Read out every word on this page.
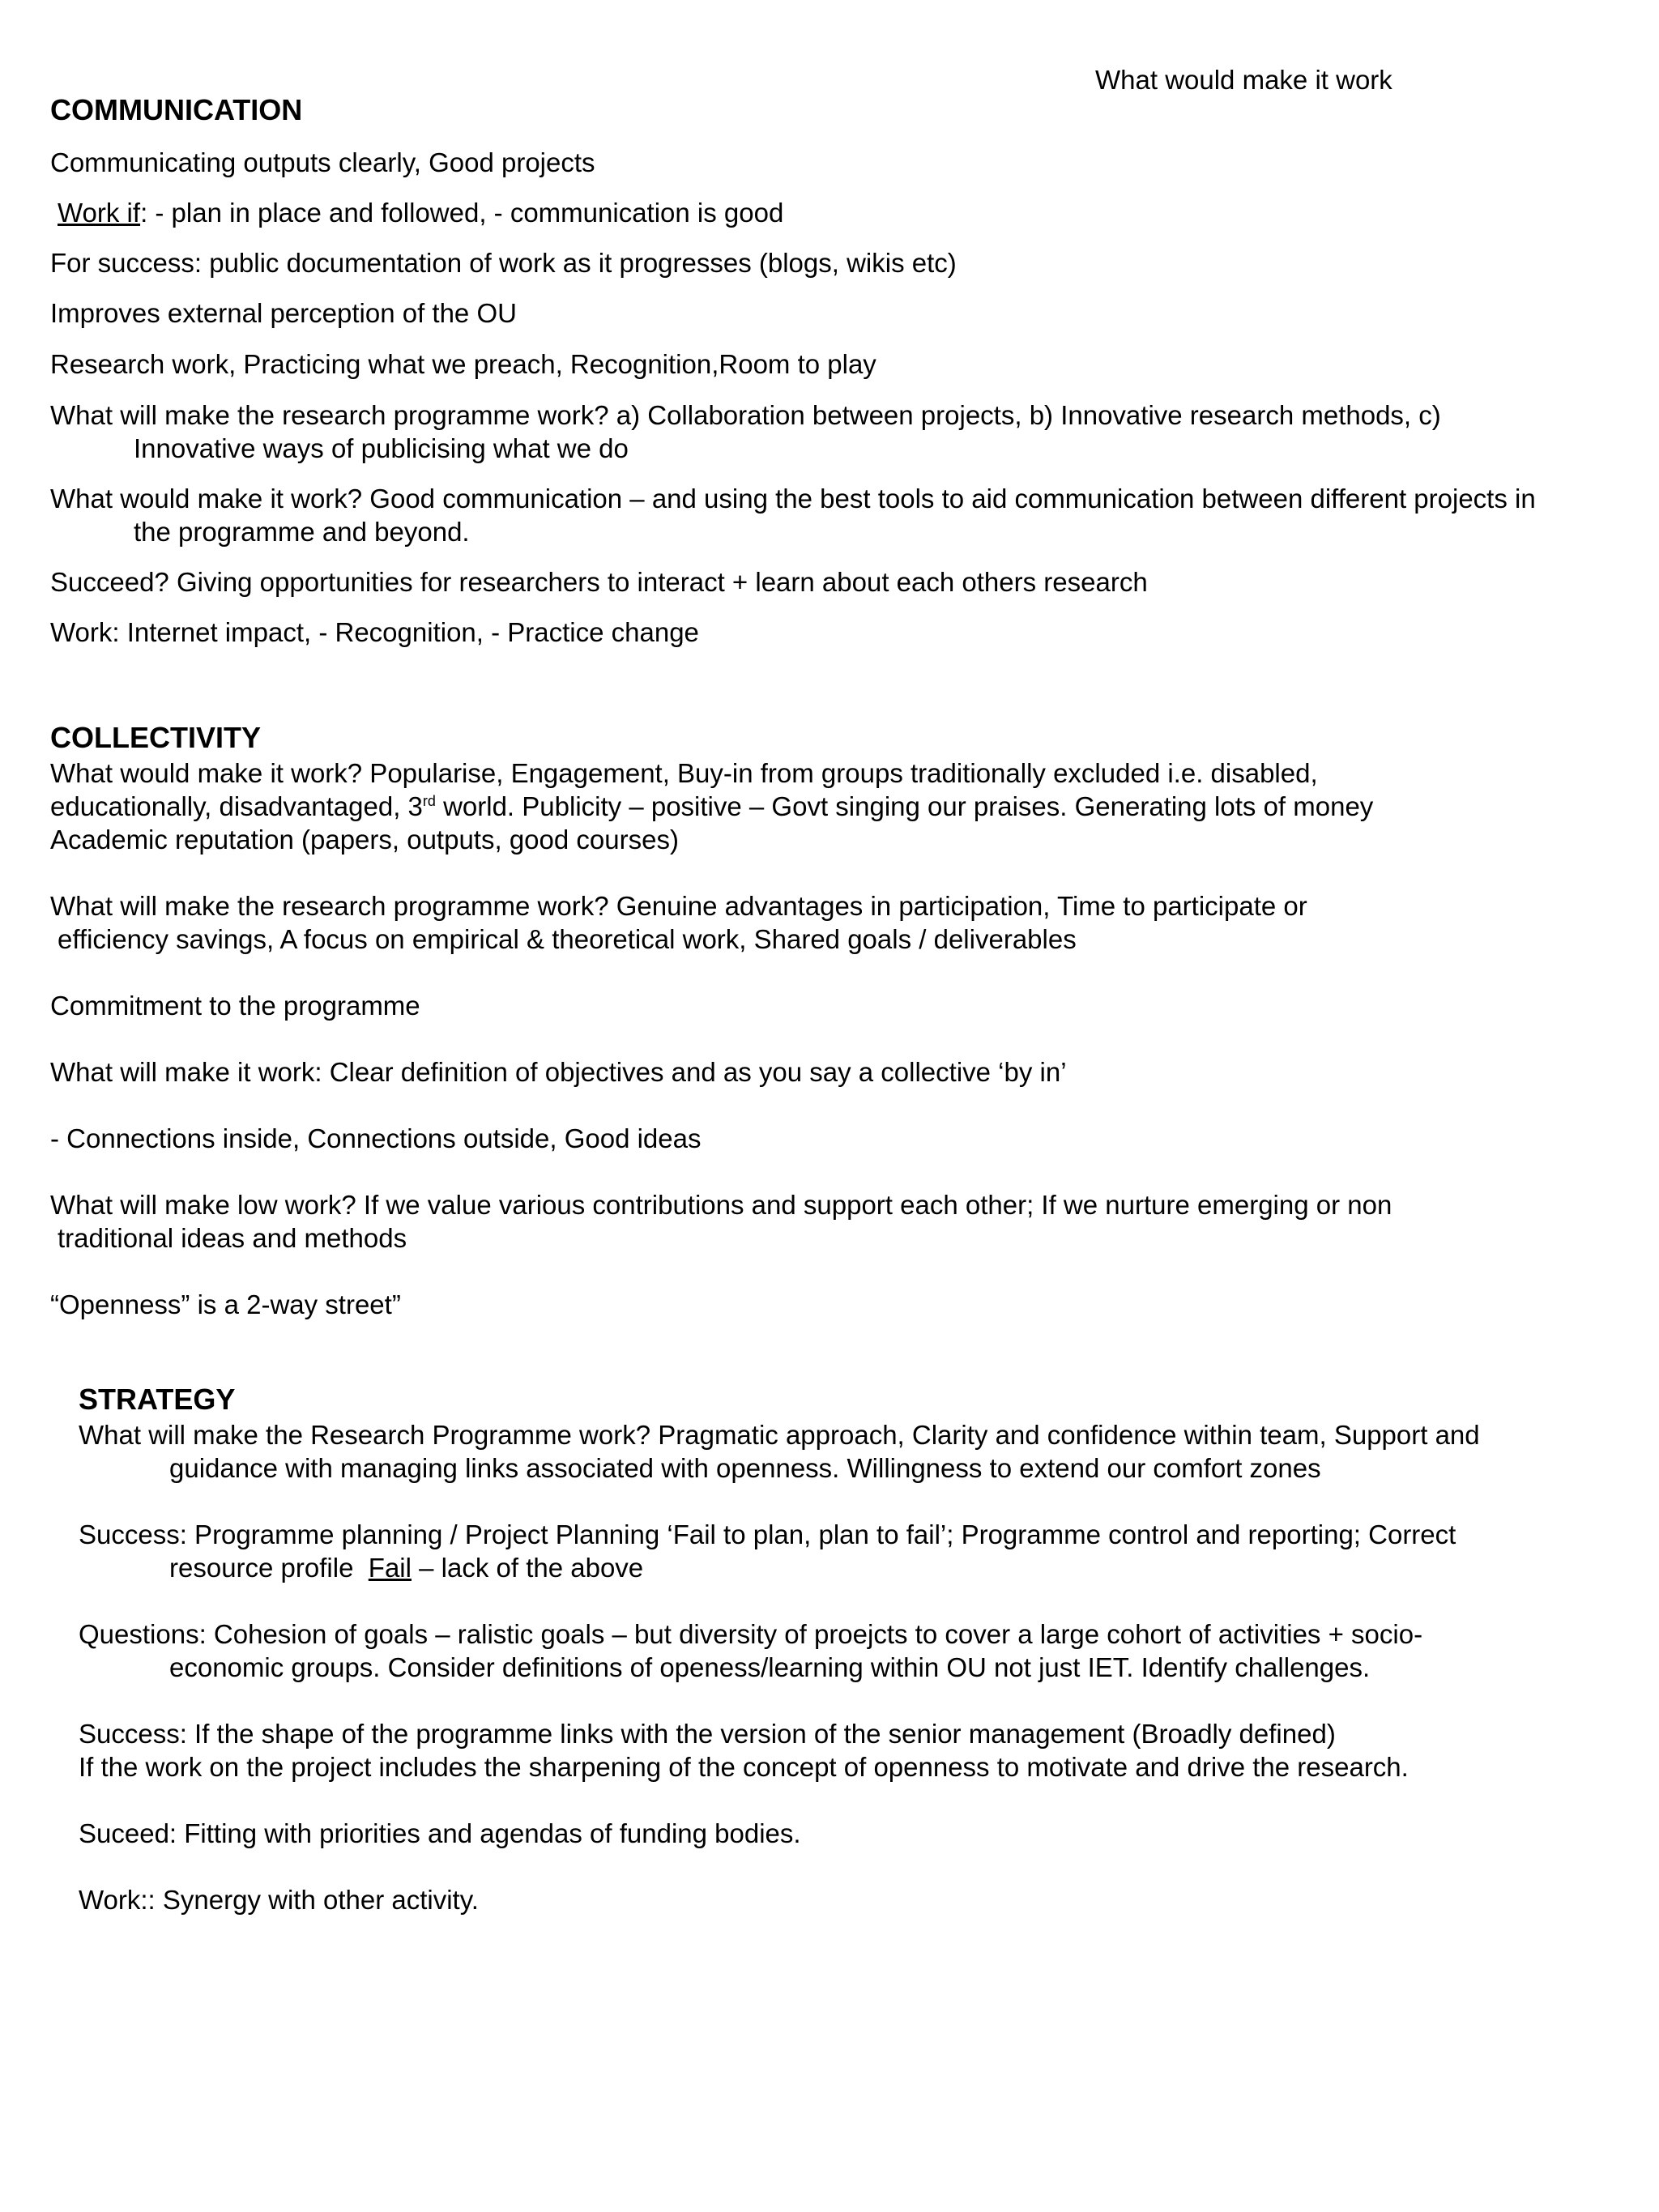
What would make it work
COMMUNICATION
Communicating outputs clearly, Good projects
Work if: - plan in place and followed, - communication is good
For success: public documentation of work as it progresses (blogs, wikis etc)
Improves external perception of the OU
Research work, Practicing what we preach, Recognition,Room to play
What will make the research programme work? a) Collaboration between projects, b) Innovative research methods, c)
Innovative ways of publicising what we do
What would make it work? Good communication – and using the best tools to aid communication between different projects in
the programme and beyond.
Succeed? Giving opportunities for researchers to interact + learn about each others research
Work: Internet impact, - Recognition, - Practice change
COLLECTIVITY
What would make it work? Popularise, Engagement, Buy-in from groups traditionally excluded i.e. disabled,
educationally, disadvantaged, 3rd world. Publicity – positive – Govt singing our praises. Generating lots of money
Academic reputation (papers, outputs, good courses)
What will make the research programme work? Genuine advantages in participation, Time to participate or
efficiency savings, A focus on empirical & theoretical work, Shared goals / deliverables
Commitment to the programme
What will make it work: Clear definition of objectives and as you say a collective ‘by in’
- Connections inside, Connections outside, Good ideas
What will make low work? If we value various contributions and support each other; If we nurture emerging or non
traditional ideas and methods
“Openness” is a 2-way street”
STRATEGY
What will make the Research Programme work? Pragmatic approach, Clarity and confidence within team, Support and
guidance with managing links associated with openness. Willingness to extend our comfort zones
Success: Programme planning / Project Planning ‘Fail to plan, plan to fail’; Programme control and reporting; Correct
resource profile  Fail – lack of the above
Questions: Cohesion of goals – ralistic goals – but diversity of proejcts to cover a large cohort of activities + socio-
economic groups. Consider definitions of openess/learning within OU not just IET. Identify challenges.
Success: If the shape of the programme links with the version of the senior management (Broadly defined)
If the work on the project includes the sharpening of the concept of openness to motivate and drive the research.
Suceed: Fitting with priorities and agendas of funding bodies.
Work:: Synergy with other activity.
